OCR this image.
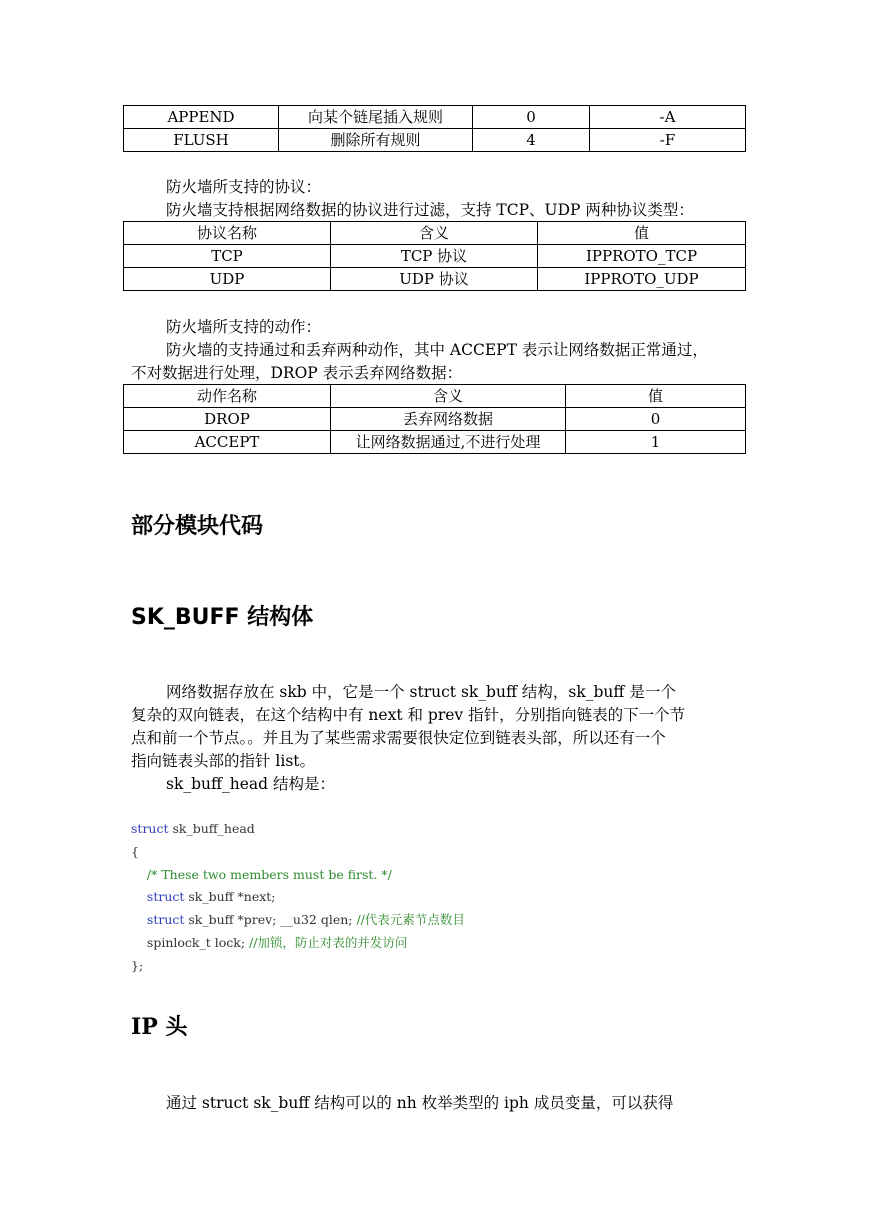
APPEND	向某个链尾插入规则	0	-A
FLUSH	删除所有规则	4	-F

防火墙所支持的协议：

防火墙支持根据网络数据的协议进行过滤，支持 TCP、UDP 两种协议类型：

协议名称	含义	值
TCP	TCP 协议	IPPROTO_TCP
UDP	UDP 协议	IPPROTO_UDP

防火墙所支持的动作：

防火墙的支持通过和丢弃两种动作，其中 ACCEPT 表示让网络数据正常通过，

不对数据进行处理，DROP 表示丢弃网络数据：

动作名称	含义	值
DROP	丢弃网络数据	0
ACCEPT	让网络数据通过,不进行处理	1
部分模块代码
SK_BUFF 结构体

网络数据存放在 skb 中，它是一个 struct sk_buff 结构，sk_buff 是一个

复杂的双向链表，在这个结构中有 next 和 prev 指针，分别指向链表的下一个节

点和前一个节点。。并且为了某些需求需要很快定位到链表头部，所以还有一个

指向链表头部的指针 list。

sk_buff_head 结构是：

struct sk_buff_head
{
/* These two members must be first. */
struct sk_buff *next;
struct sk_buff *prev; __u32 qlen; //代表元素节点数目
spinlock_t lock; //加锁，防止对表的并发访问
};
IP 头

通过 struct sk_buff 结构可以的 nh 枚举类型的 iph 成员变量，可以获得
